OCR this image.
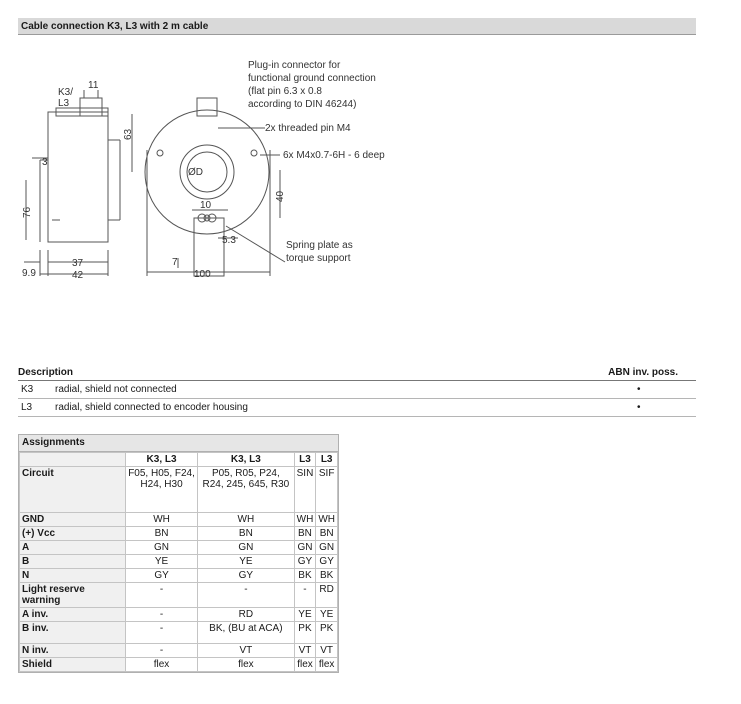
Cable connection K3, L3 with 2 m cable
Plug-in connector for
functional ground connection
(flat pin 6.3 x 0.8
according to DIN 46244)
2x threaded pin M4
6x M4x0.7-6H - 6 deep
Spring plate as
torque support
K3/
L3
ØD
11
63
3
76
9.9
37
42
40
10
5.3
7
100
Description	ABN inv. poss.
K3 radial, shield not connected	•
L3 radial, shield connected to encoder housing	•
Assignments
	K3, L3	K3, L3	L3	L3
Circuit	F05, H05, F24, H24, H30	P05, R05, P24, R24, 245, 645, R30	SIN	SIF
GND	WH	WH	WH	WH
(+) Vcc	BN	BN	BN	BN
A	GN	GN	GN	GN
B	YE	YE	GY	GY
N	GY	GY	BK	BK
Light reserve warning	-	-	-	RD
A inv.	-	RD	YE	YE
B inv.	-	BK, (BU at ACA)	PK	PK
N inv.	-	VT	VT	VT
Shield	flex	flex	flex	flex
